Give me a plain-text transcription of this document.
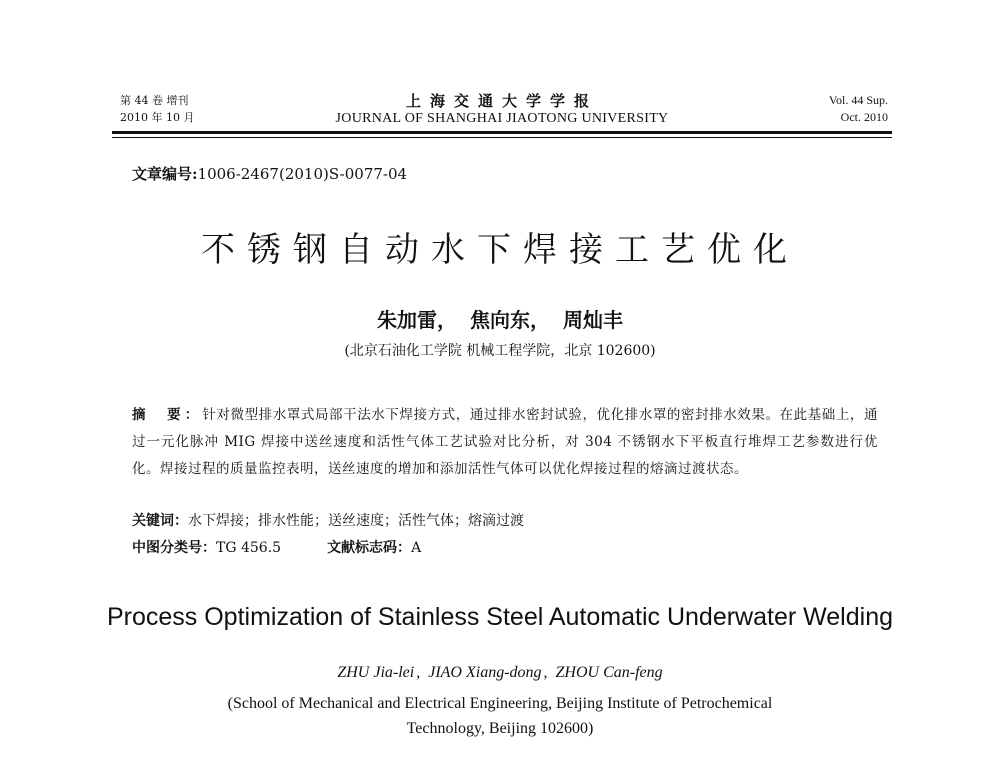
第 44 卷 增刊
2010 年 10 月
上海交通大学学报
JOURNAL OF SHANGHAI JIAOTONG UNIVERSITY
Vol. 44 Sup.
Oct. 2010
文章编号:1006-2467(2010)S-0077-04
不锈钢自动水下焊接工艺优化
朱加雷， 焦向东， 周灿丰
(北京石油化工学院 机械工程学院，北京 102600)
摘　要：针对微型排水罩式局部干法水下焊接方式，通过排水密封试验，优化排水罩的密封排水效果。在此基础上，通过一元化脉冲 MIG 焊接中送丝速度和活性气体工艺试验对比分析，对 304 不锈钢水下平板直行堆焊工艺参数进行优化。焊接过程的质量监控表明，送丝速度的增加和添加活性气体可以优化焊接过程的熔滴过渡状态。
关键词：水下焊接；排水性能；送丝速度；活性气体；熔滴过渡
中图分类号：TG 456.5	文献标志码：A
Process Optimization of Stainless Steel Automatic Underwater Welding
ZHU Jia-lei , JIAO Xiang-dong , ZHOU Can-feng
(School of Mechanical and Electrical Engineering, Beijing Institute of Petrochemical
Technology, Beijing 102600)
